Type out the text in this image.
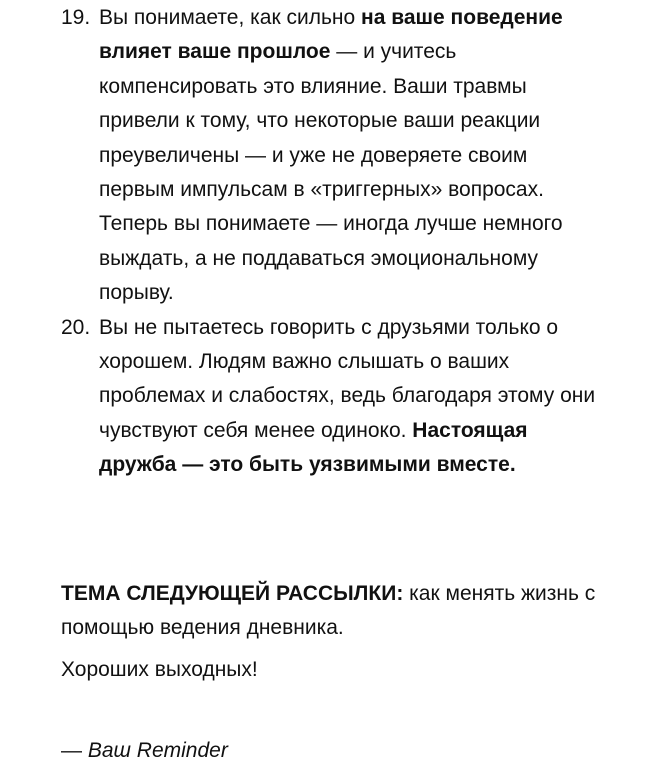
19. Вы понимаете, как сильно на ваше поведение влияет ваше прошлое — и учитесь компенсировать это влияние. Ваши травмы привели к тому, что некоторые ваши реакции преувеличены — и уже не доверяете своим первым импульсам в «триггерных» вопросах. Теперь вы понимаете — иногда лучше немного выждать, а не поддаваться эмоциональному порыву.
20. Вы не пытаетесь говорить с друзьями только о хорошем. Людям важно слышать о ваших проблемах и слабостях, ведь благодаря этому они чувствуют себя менее одиноко. Настоящая дружба — это быть уязвимыми вместе.

ТЕМА СЛЕДУЮЩЕЙ РАССЫЛКИ: как менять жизнь с помощью ведения дневника.

Хороших выходных!

— Ваш Reminder
